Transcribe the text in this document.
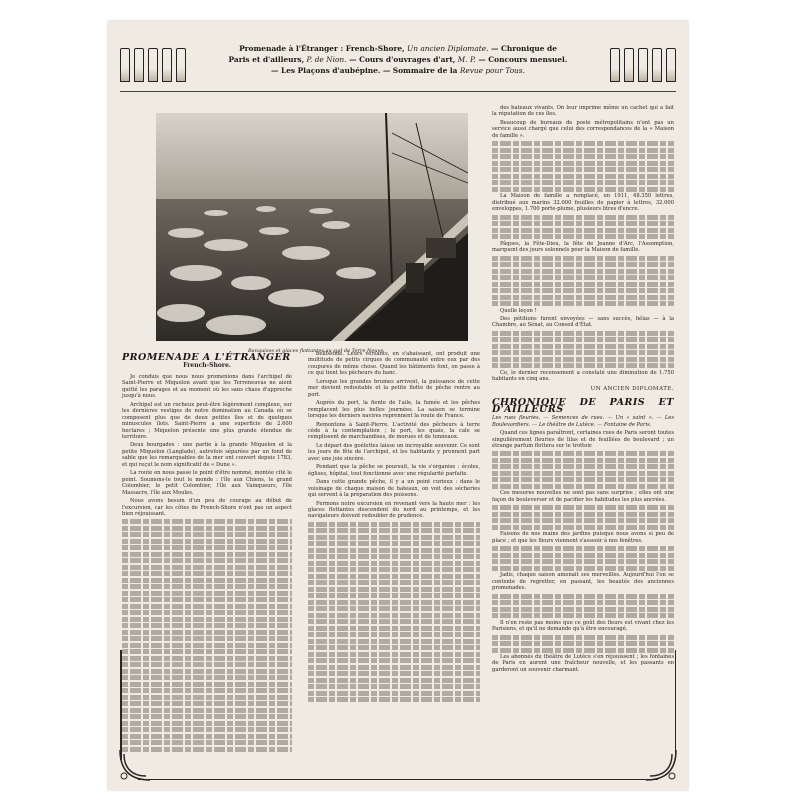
Promenade à l'Étranger : French-Shore, Un ancien Diplomate. — Chronique de Paris et d'ailleurs, P. de Nion. — Cours d'ouvrages d'art, M. P. — Concours mensuel. — Les Plaçons d'aubépine. — Sommaire de la Revue pour Tous.
Banquises et glaces flottantes au sud de Terre-Neuve
PROMENADE A L'ÉTRANGER
French-Shore.

Je conduis que nous nous promenions dans l'archipel de Saint-Pierre et Miquelon avant que les Terreneuvas ne aient quitté les parages et au moment où les sans chaos d'approche jusqu'à nous.

Archipel est un rocheux peut-être légèrement complexe, sur les dernières vestiges de notre domination au Canada où se composent plus que de deux petites îles et de quelques minuscules îlots. Saint-Pierre a une superficie de 2.600 hectares ; Miquelon présente une plus grande étendue de territoire.

Deux bourgades : une partie à la grande Miquelon et la petite Miquelon (Langlade), autrefois séparées par un fond de sable que les remarquables de la mer ont couvert depuis 1783, et qui reçut le nom significatif de « Dune ».

La route en nous passe le point d'être nommé, montée cité le point. Soumons-le tout le monde : l'île aux Chiens, le grand Colombier, le petit Colombier, l'île aux Vainqueurs, l'île Massacre, l'île aux Moules.

Nous avons besoin d'un peu de courage au début de l'excursion, car les côtes de French-Shore n'ont pas un aspect bien réjouissant.

bellissime. Leurs versants, en s'abaissant, ont produit une multitude de petits cirques de communauté entre eux par des coupures de même chose. Quand les bâtiments font, on passe à ce qui tient les pêcheurs du banc.

Lorsque les grandes brumes arrivent, la puissance de cette mer devient redoutable et la petite flotte de pêche rentre au port.

Auprès du port, la fiente de l'aile, la fumée et les pêches remplacent les plus belles journées. La saison se termine lorsque les derniers navires reprennent la route de France.

Remontons à Saint-Pierre. L'activité des pêcheurs à terre cède à la contemplation ; le port, les quais, la cale se remplissent de marchandises, de morues et de tonneaux.

Le départ des goélettes laisse un incroyable souvenir. Ce sont les jours de fête de l'archipel, et les habitants y prennent part avec une joie sincère.

Pendant que la pêche se poursuit, la vie s'organise : écoles, églises, hôpital, tout fonctionne avec une régularité parfaite.

Dans cette grande pêche, il y a un point curieux : dans le voisinage de chaque maison de bateaux, on voit des sécheries qui servent à la préparation des poissons.

Fermons notre excursion en revenant vers la haute mer : les glaces flottantes descendent du nord au printemps, et les navigateurs doivent redoubler de prudence.

des bateaux vivants. On leur imprime même un cachet qui a fait la réputation de ces îles.

Beaucoup de bureaux de poste métropolitains n'ont pas un service aussi chargé que celui des correspondances de la « Maison de famille ».

La Maison de famille a remplacé, en 1911, 48.350 lettres, distribué aux marins 32.000 feuilles de papier à lettres, 32.000 enveloppes, 1.700 porte-plume, plusieurs litres d'encre.

Pâques, la Fête-Dieu, la fête de Jeanne d'Arc, l'Assomption, marquent des jours solennels pour la Maison de famille.

Quelle leçon !

Des pétitions furent envoyées — sans succès, hélas — à la Chambre, au Sénat, au Conseil d'État.

Ce, le dernier recensement a constaté une diminution de 1.750 habitants en cinq ans.

UN ANCIEN DIPLOMATE.
CHRONIQUE DE PARIS ET D'AILLEURS

Les rues fleuries. — Semences de rues. — Un « saint ». — Les Boulevardiers. — Le théâtre de Lutèce. — Fontaine de Paris.

Quand ces lignes paraîtront, certaines rues de Paris seront toutes singulièrement fleuries de lilas et de feuillées de boulevard ; un étrange parfum flottera sur le trottoir.

Ces mesures nouvelles ne sont pas sans surprise ; elles ont une façon de bouleverser et de pacifier les habitudes les plus ancrées.

Faisons de nos mains des jardins puisque nous avons si peu de place ; et que les fleurs viennent s'asseoir à nos fenêtres.

Jadis, chaque saison amenait ses merveilles. Aujourd'hui l'on se contente de regretter, en passant, les beautés des anciennes promenades.

Il n'en reste pas moins que ce goût des fleurs est vivant chez les Parisiens, et qu'il ne demande qu'à être encouragé.

Les abonnés du théâtre de Lutèce s'en réjouissent ; les fontaines de Paris en auront une fraîcheur nouvelle, et les passants en garderont un souvenir charmant.
